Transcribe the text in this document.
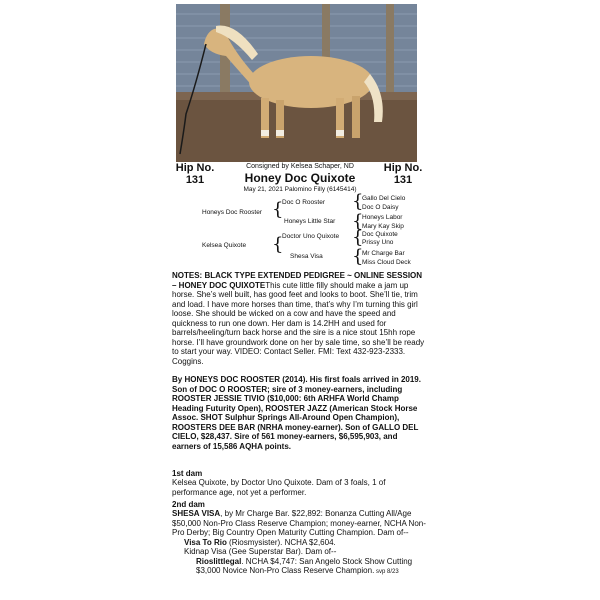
Hip No.
131
Hip No.
131
Consigned by Kelsea Schaper, ND
Honey Doc Quixote
May 21, 2021 Palomino Filly (6145414)
Honeys Doc Rooster {
Doc O Rooster {
Gallo Del Cielo
Doc O Daisy
Honeys Little Star {
Honeys Labor
Mary Kay Skip
Kelsea Quixote {
Doctor Uno Quixote {
Doc Quixote
Prissy Uno
Shesa Visa {
Mr Charge Bar
Miss Cloud Deck
NOTES: BLACK TYPE EXTENDED PEDIGREE ~ ONLINE SESSION – HONEY DOC QUIXOTEThis cute little filly should make a jam up horse. She’s well built, has good feet and looks to boot. She’ll tie, trim and load. I have more horses than time, that’s why I’m turning this girl loose. She should be wicked on a cow and have the speed and quickness to run one down. Her dam is 14.2HH and used for barrels/heeling/turn back horse and the sire is a nice stout 15hh rope horse. I’ll have groundwork done on her by sale time, so she’ll be ready to start your way. VIDEO: Contact Seller. FMI: Text 432-923-2333. Coggins.
By HONEYS DOC ROOSTER (2014). His first foals arrived in 2019. Son of DOC O ROOSTER; sire of 3 money-earners, including ROOSTER JESSIE TIVIO ($10,000: 6th ARHFA World Champ Heading Futurity Open), ROOSTER JAZZ (American Stock Horse Assoc. SHOT Sulphur Springs All-Around Open Champion), ROOSTERS DEE BAR (NRHA money-earner). Son of GALLO DEL CIELO, $28,437. Sire of 561 money-earners, $6,595,903, and earners of 15,586 AQHA points.
1st dam
Kelsea Quixote, by Doctor Uno Quixote. Dam of 3 foals, 1 of performance age, not yet a performer.
2nd dam
SHESA VISA, by Mr Charge Bar. $22,892: Bonanza Cutting All/Age $50,000 Non-Pro Class Reserve Champion; money-earner, NCHA Non-Pro Derby; Big Country Open Maturity Cutting Champion. Dam of--
Visa To Rio (Riosmysister). NCHA $2,604.
Kidnap Visa (Gee Superstar Bar). Dam of--
Rioslittlegal. NCHA $4,747: San Angelo Stock Show Cutting $3,000 Novice Non-Pro Class Reserve Champion. svp 8/23
